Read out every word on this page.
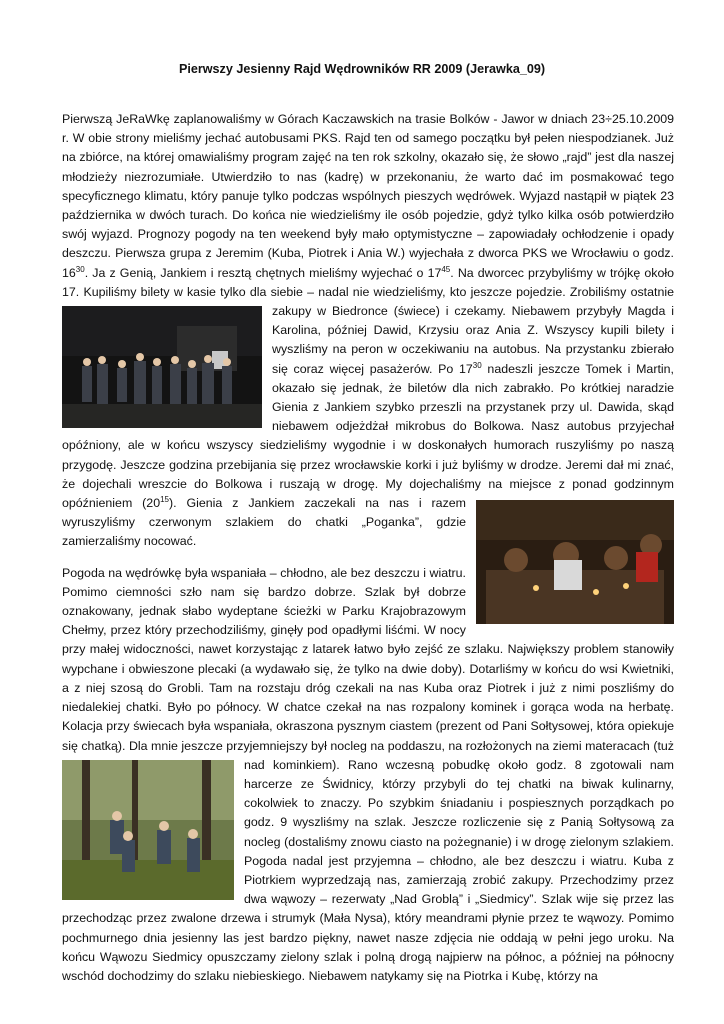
Pierwszy Jesienny Rajd Wędrowników RR 2009 (Jerawka_09)

Pierwszą JeRaWkę zaplanowaliśmy w Górach Kaczawskich na trasie Bolków - Jawor w dniach 23÷25.10.2009 r. W obie strony mieliśmy jechać autobusami PKS. Rajd ten od samego początku był pełen niespodzianek. Już na zbiórce, na której omawialiśmy program zajęć na ten rok szkolny, okazało się, że słowo „rajd” jest dla naszej młodzieży niezrozumiałe. Utwierdziło to nas (kadrę) w przekonaniu, że warto dać im posmakować tego specyficznego klimatu, który panuje tylko podczas wspólnych pieszych wędrówek. Wyjazd nastąpił w piątek 23 października w dwóch turach. Do końca nie wiedzieliśmy ile osób pojedzie, gdyż tylko kilka osób potwierdziło swój wyjazd. Prognozy pogody na ten weekend były mało optymistyczne – zapowiadały ochłodzenie i opady deszczu. Pierwsza grupa z Jeremim (Kuba, Piotrek i Ania W.) wyjechała z dworca PKS we Wrocławiu o godz. $16^{30}$. Ja z Genią, Jankiem i resztą chętnych mieliśmy wyjechać o $17^{45}$. Na dworcec przybyliśmy w trójkę około 17. Kupiliśmy bilety w kasie tylko dla siebie – nadal nie wiedzieliśmy, kto jeszcze pojedzie. Zrobiliśmy ostatnie
zakupy w Biedronce (świece) i czekamy. Niebawem przybyły Magda i Karolina, później Dawid, Krzysiu oraz Ania Z. Wszyscy kupili bilety i wyszliśmy na peron w oczekiwaniu na autobus. Na przystanku zbierało się coraz więcej pasażerów. Po $17^{30}$ nadeszli jeszcze Tomek i Martin, okazało się jednak, że biletów dla nich zabrakło. Po krótkiej naradzie Gienia z Jankiem szybko przeszli na przystanek przy ul. Dawida, skąd niebawem odjeżdżał mikrobus do Bolkowa. Nasz autobus przyjechał opóźniony, ale w końcu wszyscy siedzieliśmy wygodnie i w doskonałych humorach ruszyliśmy po naszą przygodę. Jeszcze godzina przebijania się przez wrocławskie korki i już byliśmy w drodze. Jeremi dał mi znać, że dojechali wreszcie do Bolkowa i ruszają w drogę. My dojechaliśmy na miejsce z ponad godzinnym
opóźnieniem $(20^{15})$. Gienia z Jankiem zaczekali na nas i razem wyruszyliśmy czerwonym szlakiem do chatki „Poganka”, gdzie zamierzaliśmy nocować.

Pogoda na wędrówkę była wspaniała – chłodno, ale bez deszczu i wiatru. Pomimo ciemności szło nam się bardzo dobrze. Szlak był dobrze oznakowany, jednak słabo wydeptane ścieżki w Parku Krajobrazowym Chełmy, przez który przechodziliśmy, ginęły pod opadłymi liśćmi. W nocy przy małej widoczności, nawet korzystając z latarek łatwo było zejść ze szlaku. Największy problem stanowiły wypchane i obwieszone plecaki (a wydawało się, że tylko na dwie doby). Dotarliśmy w końcu do wsi Kwietniki, a z niej szosą do Grobli. Tam na rozstaju dróg czekali na nas Kuba oraz Piotrek i już z nimi poszliśmy do niedalekiej chatki. Było po północy. W chatce czekał na nas rozpalony kominek i gorąca woda na herbatę. Kolacja przy świecach była wspaniała, okraszona pysznym ciastem (prezent od Pani Sołtysowej, która opiekuje się chatką). Dla mnie jeszcze przyjemniejszy był nocleg na poddaszu, na rozłożonych
na ziemi materacach (tuż nad kominkiem). Rano wczesną pobudkę około godz. 8 zgotowali nam harcerze ze Świdnicy, którzy przybyli do tej chatki na biwak kulinarny, cokolwiek to znaczy. Po szybkim śniadaniu i pospiesznych porządkach po godz. 9 wyszliśmy na szlak. Jeszcze rozliczenie się z Panią Sołtysową za nocleg (dostaliśmy znowu ciasto na pożegnanie) i w drogę zielonym szlakiem. Pogoda nadal jest przyjemna – chłodno, ale bez deszczu i wiatru. Kuba z Piotrkiem wyprzedzają nas, zamierzają zrobić zakupy. Przechodzimy przez dwa wąwozy – rezerwaty „Nad Groblą” i „Siedmicy”. Szlak wije się przez las przechodząc przez zwalone drzewa i strumyk (Mała Nysa), który meandrami płynie przez te wąwozy. Pomimo pochmurnego dnia jesienny las jest bardzo piękny, nawet nasze zdjęcia nie oddają w pełni jego uroku. Na końcu Wąwozu Siedmicy opuszczamy zielony szlak i polną drogą najpierw na północ, a później na północny wschód dochodzimy do szlaku niebieskiego. Niebawem natykamy się na Piotrka i Kubę, którzy na
